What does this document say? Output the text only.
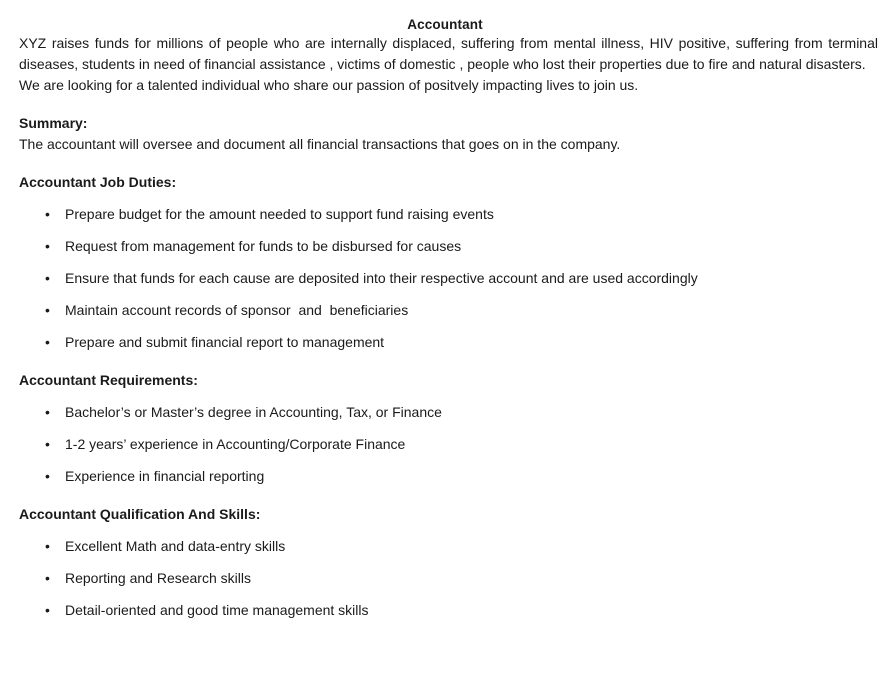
Accountant

XYZ raises funds for millions of people who are internally displaced, suffering from mental illness, HIV positive, suffering from terminal diseases, students in need of financial assistance , victims of domestic , people who lost their properties due to fire and natural disasters.

We are looking for a talented individual who share our passion of positvely impacting lives to join us.

Summary:

The accountant will oversee and document all financial transactions that goes on in the company.

Accountant Job Duties:
• Prepare budget for the amount needed to support fund raising events
• Request from management for funds to be disbursed for causes
• Ensure that funds for each cause are deposited into their respective account and are used accordingly
• Maintain account records of sponsor  and  beneficiaries
• Prepare and submit financial report to management
Accountant Requirements:
• Bachelor’s or Master’s degree in Accounting, Tax, or Finance
• 1-2 years’ experience in Accounting/Corporate Finance
• Experience in financial reporting
Accountant Qualification And Skills:
• Excellent Math and data-entry skills
• Reporting and Research skills
• Detail-oriented and good time management skills
